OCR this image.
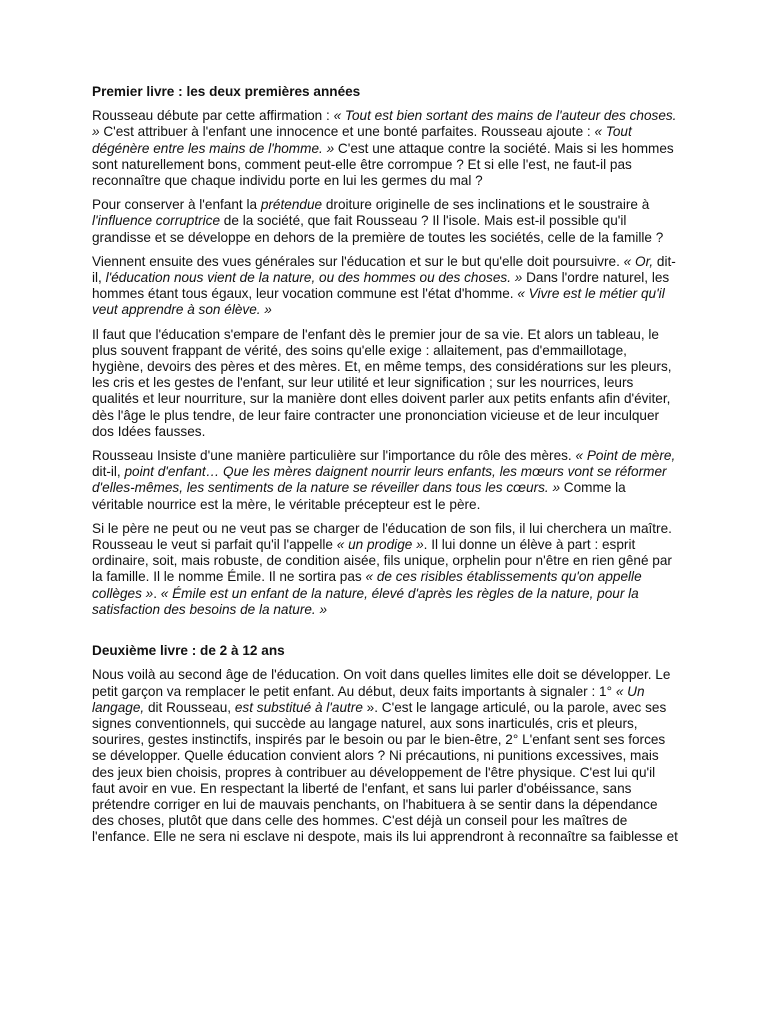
Premier livre : les deux premières années

Rousseau débute par cette affirmation : « Tout est bien sortant des mains de l'auteur des choses. » C'est attribuer à l'enfant une innocence et une bonté parfaites. Rousseau ajoute : « Tout dégénère entre les mains de l'homme. » C'est une attaque contre la société. Mais si les hommes sont naturellement bons, comment peut-elle être corrompue ? Et si elle l'est, ne faut-il pas reconnaître que chaque individu porte en lui les germes du mal ?

Pour conserver à l'enfant la prétendue droiture originelle de ses inclinations et le soustraire à l'influence corruptrice de la société, que fait Rousseau ? Il l'isole. Mais est-il possible qu'il grandisse et se développe en dehors de la première de toutes les sociétés, celle de la famille ?

Viennent ensuite des vues générales sur l'éducation et sur le but qu'elle doit poursuivre. « Or, dit-il, l'éducation nous vient de la nature, ou des hommes ou des choses. » Dans l'ordre naturel, les hommes étant tous égaux, leur vocation commune est l'état d'homme. « Vivre est le métier qu'il veut apprendre à son élève. »

Il faut que l'éducation s'empare de l'enfant dès le premier jour de sa vie. Et alors un tableau, le plus souvent frappant de vérité, des soins qu'elle exige : allaitement, pas d'emmaillotage, hygiène, devoirs des pères et des mères. Et, en même temps, des considérations sur les pleurs, les cris et les gestes de l'enfant, sur leur utilité et leur signification ; sur les nourrices, leurs qualités et leur nourriture, sur la manière dont elles doivent parler aux petits enfants afin d'éviter, dès l'âge le plus tendre, de leur faire contracter une prononciation vicieuse et de leur inculquer dos Idées fausses.

Rousseau Insiste d'une manière particulière sur l'importance du rôle des mères. « Point de mère, dit-il, point d'enfant… Que les mères daignent nourrir leurs enfants, les mœurs vont se réformer d'elles-mêmes, les sentiments de la nature se réveiller dans tous les cœurs. » Comme la véritable nourrice est la mère, le véritable précepteur est le père.

Si le père ne peut ou ne veut pas se charger de l'éducation de son fils, il lui cherchera un maître. Rousseau le veut si parfait qu'il l'appelle « un prodige ». Il lui donne un élève à part : esprit ordinaire, soit, mais robuste, de condition aisée, fils unique, orphelin pour n'être en rien gêné par la famille. Il le nomme Émile. Il ne sortira pas « de ces risibles établissements qu'on appelle collèges ». « Émile est un enfant de la nature, élevé d'après les règles de la nature, pour la satisfaction des besoins de la nature. »

Deuxième livre : de 2 à 12 ans

Nous voilà au second âge de l'éducation. On voit dans quelles limites elle doit se développer. Le petit garçon va remplacer le petit enfant. Au début, deux faits importants à signaler : 1° « Un langage, dit Rousseau, est substitué à l'autre ». C'est le langage articulé, ou la parole, avec ses signes conventionnels, qui succède au langage naturel, aux sons inarticulés, cris et pleurs, sourires, gestes instinctifs, inspirés par le besoin ou par le bien-être, 2° L'enfant sent ses forces se développer. Quelle éducation convient alors ? Ni précautions, ni punitions excessives, mais des jeux bien choisis, propres à contribuer au développement de l'être physique. C'est lui qu'il faut avoir en vue. En respectant la liberté de l'enfant, et sans lui parler d'obéissance, sans prétendre corriger en lui de mauvais penchants, on l'habituera à se sentir dans la dépendance des choses, plutôt que dans celle des hommes. C'est déjà un conseil pour les maîtres de l'enfance. Elle ne sera ni esclave ni despote, mais ils lui apprendront à reconnaître sa faiblesse et
